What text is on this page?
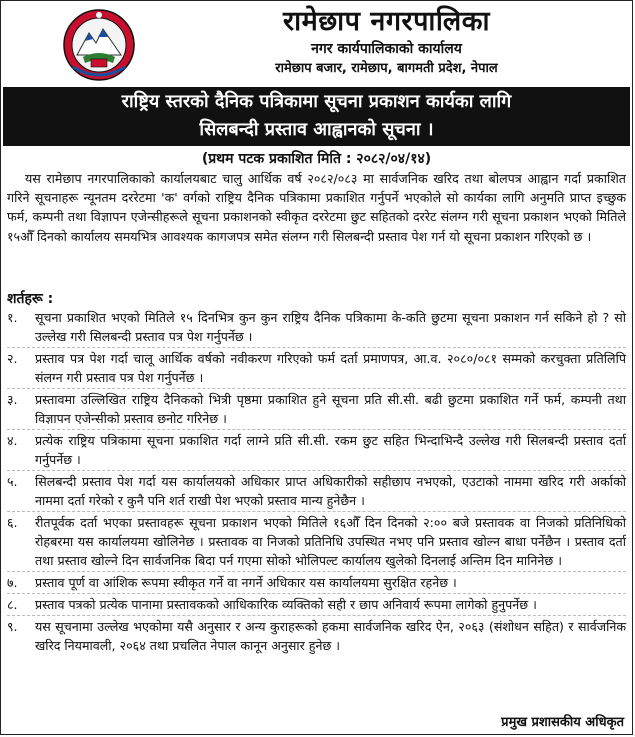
रामेछाप नगरपालिका
नगर कार्यपालिकाको कार्यालय
रामेछाप बजार, रामेछाप, बागमती प्रदेश, नेपाल
राष्ट्रिय स्तरको दैनिक पत्रिकामा सूचना प्रकाशन कार्यका लागि
सिलबन्दी प्रस्ताव आह्वानको सूचना ।
(प्रथम पटक प्रकाशित मिति : २०८२/०४/१४)
यस रामेछाप नगरपालिकाको कार्यालयबाट चालु आर्थिक वर्ष २०८२/०८३ मा सार्वजनिक खरिद तथा बोलपत्र आह्वान गर्दा प्रकाशित गरिने सूचनाहरू न्यूनतम दररेटमा 'क' वर्गको राष्ट्रिय दैनिक पत्रिकामा प्रकाशित गर्नुपर्ने भएकोले सो कार्यका लागि अनुमति प्राप्त इच्छुक फर्म, कम्पनी तथा विज्ञापन एजेन्सीहरूले सूचना प्रकाशनको स्वीकृत दररेटमा छुट सहितको दररेट संलग्न गरी सूचना प्रकाशन भएको मितिले १५औँ दिनको कार्यालय समयभित्र आवश्यक कागजपत्र समेत संलग्न गरी सिलबन्दी प्रस्ताव पेश गर्न यो सूचना प्रकाशन गरिएको छ ।
शर्तहरू :
१.	सूचना प्रकाशित भएको मितिले १५ दिनभित्र कुन कुन राष्ट्रिय दैनिक पत्रिकामा के-कति छुटमा सूचना प्रकाशन गर्न सकिने हो ? सो उल्लेख गरी सिलबन्दी प्रस्ताव पत्र पेश गर्नुपर्नेछ ।
२.	प्रस्ताव पत्र पेश गर्दा चालू आर्थिक वर्षको नवीकरण गरिएको फर्म दर्ता प्रमाणपत्र, आ.व. २०८०/०८१ सम्मको करचुक्ता प्रतिलिपि संलग्न गरी प्रस्ताव पत्र पेश गर्नुपर्नेछ ।
३.	प्रस्तावमा उल्लिखित राष्ट्रिय दैनिकको भित्री पृष्ठमा प्रकाशित हुने सूचना प्रति सी.सी. बढी छुटमा प्रकाशित गर्ने फर्म, कम्पनी तथा विज्ञापन एजेन्सीको प्रस्ताव छनोट गरिनेछ ।
४.	प्रत्येक राष्ट्रिय पत्रिकामा सूचना प्रकाशित गर्दा लाग्ने प्रति सी.सी. रकम छुट सहित भिन्दाभिन्दै उल्लेख गरी सिलबन्दी प्रस्ताव दर्ता गर्नुपर्नेछ ।
५.	सिलबन्दी प्रस्ताव पेश गर्दा यस कार्यालयको अधिकार प्राप्त अधिकारीको सहीछाप नभएको, एउटाको नाममा खरिद गरी अर्काको नाममा दर्ता गरेको र कुनै पनि शर्त राखी पेश भएको प्रस्ताव मान्य हुनेछैन ।
६.	रीतपूर्वक दर्ता भएका प्रस्तावहरू सूचना प्रकाशन भएको मितिले १६औँ दिन दिनको २:०० बजे प्रस्तावक वा निजको प्रतिनिधिको रोहबरमा यस कार्यालयमा खोलिनेछ । प्रस्तावक वा निजको प्रतिनिधि उपस्थित नभए पनि प्रस्ताव खोल्न बाधा पर्नेछैन । प्रस्ताव दर्ता तथा प्रस्ताव खोल्ने दिन सार्वजनिक बिदा पर्न गएमा सोको भोलिपल्ट कार्यालय खुलेको दिनलाई अन्तिम दिन मानिनेछ ।
७.	प्रस्ताव पूर्ण वा आंशिक रूपमा स्वीकृत गर्ने वा नगर्ने अधिकार यस कार्यालयमा सुरक्षित रहनेछ ।
८.	प्रस्ताव पत्रको प्रत्येक पानामा प्रस्तावकको आधिकारिक व्यक्तिको सही र छाप अनिवार्य रूपमा लागेको हुनुपर्नेछ ।
९.	यस सूचनामा उल्लेख भएकोमा यसै अनुसार र अन्य कुराहरूको हकमा सार्वजनिक खरिद ऐन, २०६३ (संशोधन सहित) र सार्वजनिक खरिद नियमावली, २०६४ तथा प्रचलित नेपाल कानून अनुसार हुनेछ ।
प्रमुख प्रशासकीय अधिकृत
